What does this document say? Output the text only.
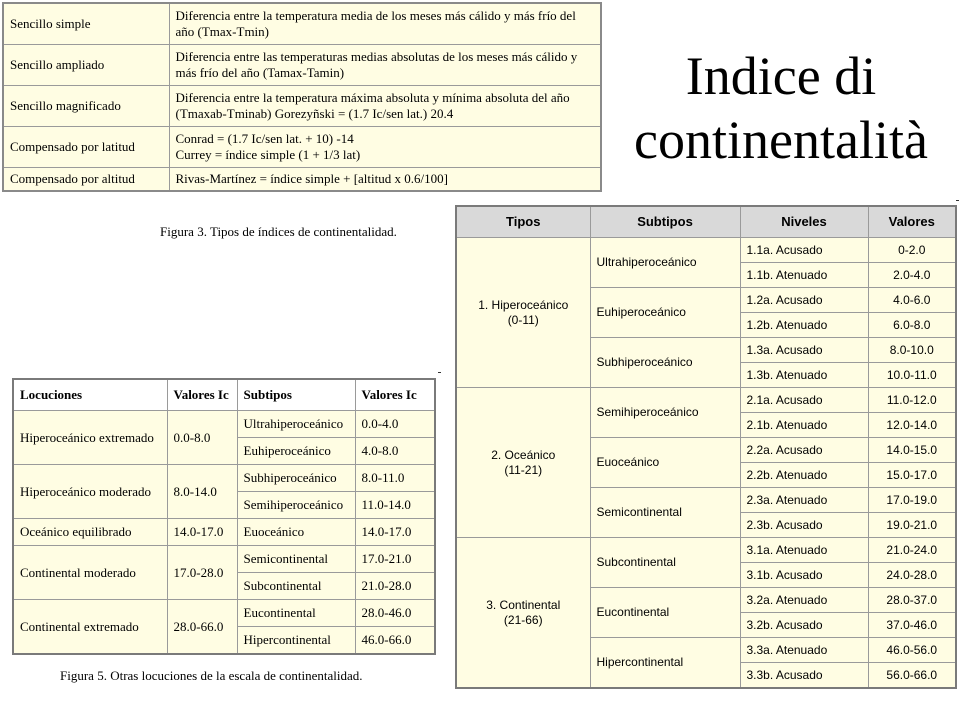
Sencillo simple	Diferencia entre la temperatura media de los meses más cálido y más frío del año (Tmax-Tmin)
Sencillo ampliado	Diferencia entre las temperaturas medias absolutas de los meses más cálido y más frío del año (Tamax-Tamin)
Sencillo magnificado	Diferencia entre la temperatura máxima absoluta y mínima absoluta del año (Tmaxab-Tminab) Gorezyñski = (1.7 Ic/sen lat.) 20.4
Compensado por latitud	Conrad = (1.7 Ic/sen lat. + 10) -14
Currey = índice simple (1 + 1/3 lat)

Compensado por altitud	Rivas-Martínez = índice simple + [altitud x 0.6/100]
Figura 3. Tipos de índices de continentalidad.
Indice di continentalità
Locuciones	Valores Ic	Subtipos	Valores Ic
Hiperoceánico extremado	0.0-8.0	Ultrahiperoceánico	0.0-4.0
		Euhiperoceánico	4.0-8.0
Hiperoceánico moderado	8.0-14.0	Subhiperoceánico	8.0-11.0
		Semihiperoceánico	11.0-14.0
Oceánico equilibrado	14.0-17.0	Euoceánico	14.0-17.0
Continental moderado	17.0-28.0	Semicontinental	17.0-21.0
		Subcontinental	21.0-28.0
Continental extremado	28.0-66.0	Eucontinental	28.0-46.0
		Hipercontinental	46.0-66.0
Figura 5. Otras locuciones de la escala de continentalidad.
Tipos	Subtipos	Niveles	Valores

1. Hiperoceánico
(0-11)	Ultrahiperoceánico	1.1a. Acusado	0-2.0
		1.1b. Atenuado	2.0-4.0
	Euhiperoceánico	1.2a. Acusado	4.0-6.0
		1.2b. Atenuado	6.0-8.0
	Subhiperoceánico	1.3a. Acusado	8.0-10.0
		1.3b. Atenuado	10.0-11.0

2. Oceánico
(11-21)	Semihiperoceánico	2.1a. Acusado	11.0-12.0
		2.1b. Atenuado	12.0-14.0
	Euoceánico	2.2a. Acusado	14.0-15.0
		2.2b. Atenuado	15.0-17.0
	Semicontinental	2.3a. Atenuado	17.0-19.0
		2.3b. Acusado	19.0-21.0

3. Continental
(21-66)	Subcontinental	3.1a. Atenuado	21.0-24.0
		3.1b. Acusado	24.0-28.0
	Eucontinental	3.2a. Atenuado	28.0-37.0
		3.2b. Acusado	37.0-46.0
	Hipercontinental	3.3a. Atenuado	46.0-56.0
		3.3b. Acusado	56.0-66.0
